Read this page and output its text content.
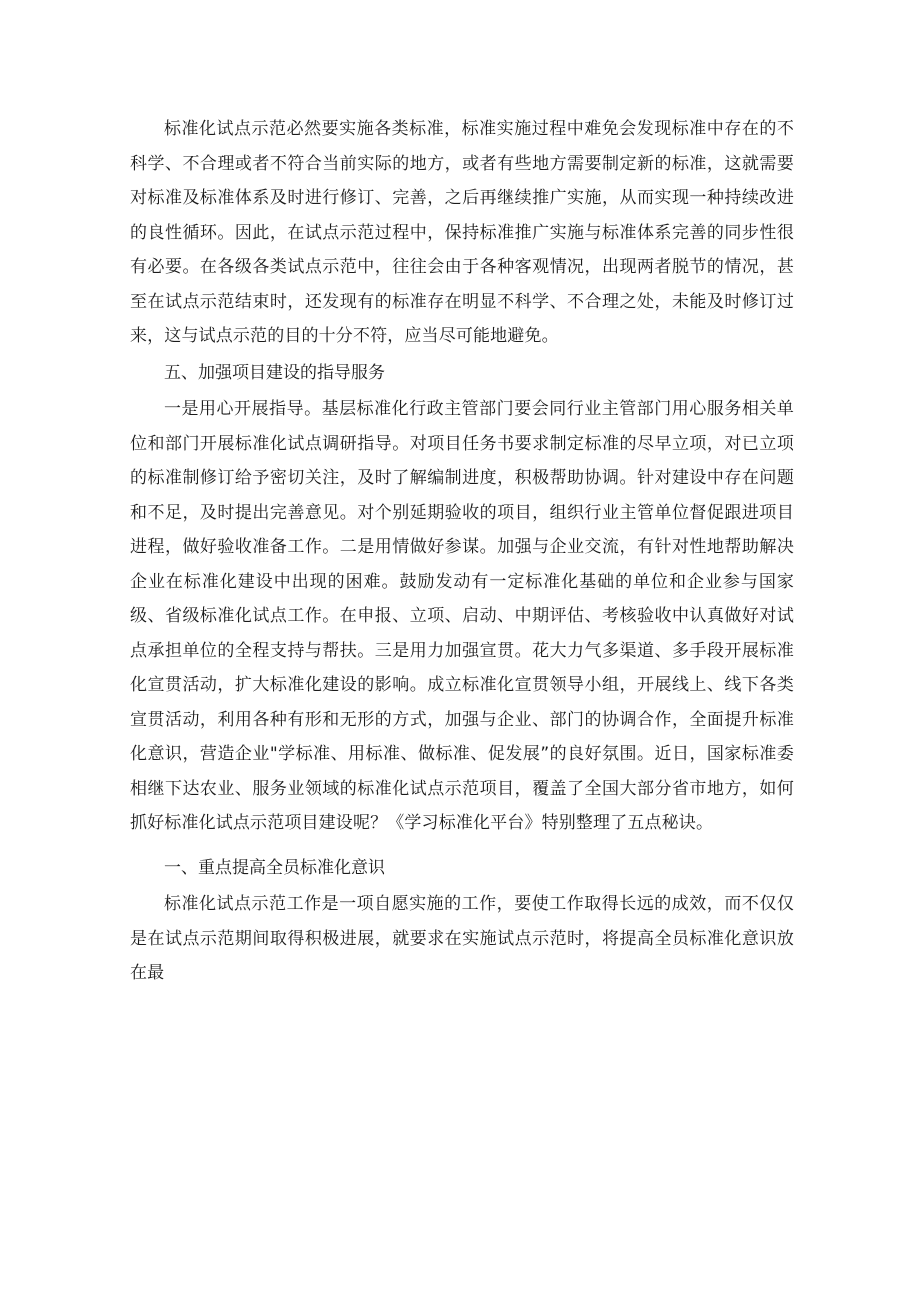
标准化试点示范必然要实施各类标准，标准实施过程中难免会发现标准中存在的不科学、不合理或者不符合当前实际的地方，或者有些地方需要制定新的标准，这就需要对标准及标准体系及时进行修订、完善，之后再继续推广实施，从而实现一种持续改进的良性循环。因此，在试点示范过程中，保持标准推广实施与标准体系完善的同步性很有必要。在各级各类试点示范中，往往会由于各种客观情况，出现两者脱节的情况，甚至在试点示范结束时，还发现有的标准存在明显不科学、不合理之处，未能及时修订过来，这与试点示范的目的十分不符，应当尽可能地避免。

五、加强项目建设的指导服务

一是用心开展指导。基层标准化行政主管部门要会同行业主管部门用心服务相关单位和部门开展标准化试点调研指导。对项目任务书要求制定标准的尽早立项，对已立项的标准制修订给予密切关注，及时了解编制进度，积极帮助协调。针对建设中存在问题和不足，及时提出完善意见。对个别延期验收的项目，组织行业主管单位督促跟进项目进程，做好验收准备工作。二是用情做好参谋。加强与企业交流，有针对性地帮助解决企业在标准化建设中出现的困难。鼓励发动有一定标准化基础的单位和企业参与国家级、省级标准化试点工作。在申报、立项、启动、中期评估、考核验收中认真做好对试点承担单位的全程支持与帮扶。三是用力加强宣贯。花大力气多渠道、多手段开展标准化宣贯活动，扩大标准化建设的影响。成立标准化宣贯领导小组，开展线上、线下各类宣贯活动，利用各种有形和无形的方式，加强与企业、部门的协调合作，全面提升标准化意识，营造企业"学标准、用标准、做标准、促发展”的良好氛围。近日，国家标准委相继下达农业、服务业领域的标准化试点示范项目，覆盖了全国大部分省市地方，如何抓好标准化试点示范项目建设呢？《学习标准化平台》特别整理了五点秘诀。

一、重点提高全员标准化意识

标准化试点示范工作是一项自愿实施的工作，要使工作取得长远的成效，而不仅仅是在试点示范期间取得积极进展，就要求在实施试点示范时，将提高全员标准化意识放在最
